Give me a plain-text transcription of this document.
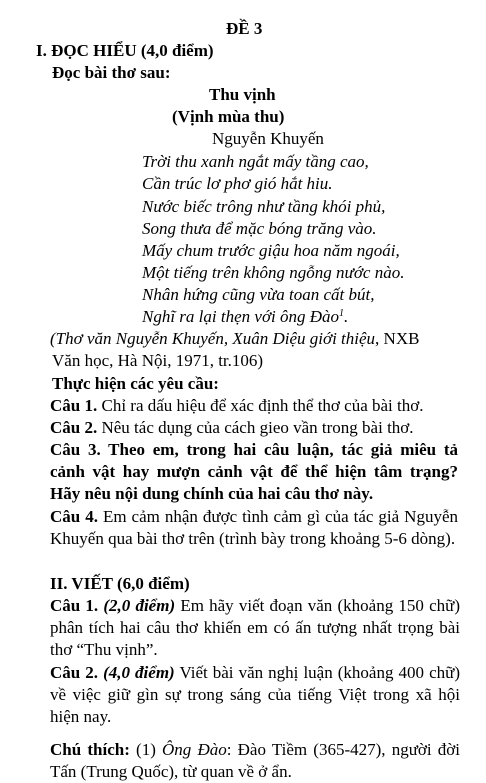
ĐỀ 3
I. ĐỌC HIỂU (4,0 điểm)
Đọc bài thơ sau:
Thu vịnh
(Vịnh mùa thu)
Nguyễn Khuyến
Trời thu xanh ngắt mấy tầng cao,
Cần trúc lơ phơ gió hắt hiu.
Nước biếc trông như tầng khói phủ,
Song thưa để mặc bóng trăng vào.
Mấy chum trước giậu hoa năm ngoái,
Một tiếng trên không ngỗng nước nào.
Nhân hứng cũng vừa toan cất bút,
Nghĩ ra lại thẹn với ông Đào$^1$.
(Thơ văn Nguyễn Khuyến, Xuân Diệu giới thiệu, NXB
Văn học, Hà Nội, 1971, tr.106)
Thực hiện các yêu cầu:
Câu 1. Chỉ ra dấu hiệu để xác định thể thơ của bài thơ.
Câu 2. Nêu tác dụng của cách gieo vần trong bài thơ.
Câu 3. Theo em, trong hai câu luận, tác giả miêu tả cảnh vật hay mượn cảnh vật để thể hiện tâm trạng? Hãy nêu nội dung chính của hai câu thơ này.
Câu 4. Em cảm nhận được tình cảm gì của tác giả Nguyễn Khuyến qua bài thơ trên (trình bày trong khoảng 5-6 dòng).
II. VIẾT (6,0 điểm)
Câu 1. (2,0 điểm) Em hãy viết đoạn văn (khoảng 150 chữ) phân tích hai câu thơ khiến em có ấn tượng nhất trọng bài thơ “Thu vịnh”.
Câu 2. (4,0 điểm) Viết bài văn nghị luận (khoảng 400 chữ) về việc giữ gìn sự trong sáng của tiếng Việt trong xã hội hiện nay.
Chú thích: (1) Ông Đào: Đào Tiềm (365-427), người đời Tấn (Trung Quốc), từ quan về ở ẩn.
